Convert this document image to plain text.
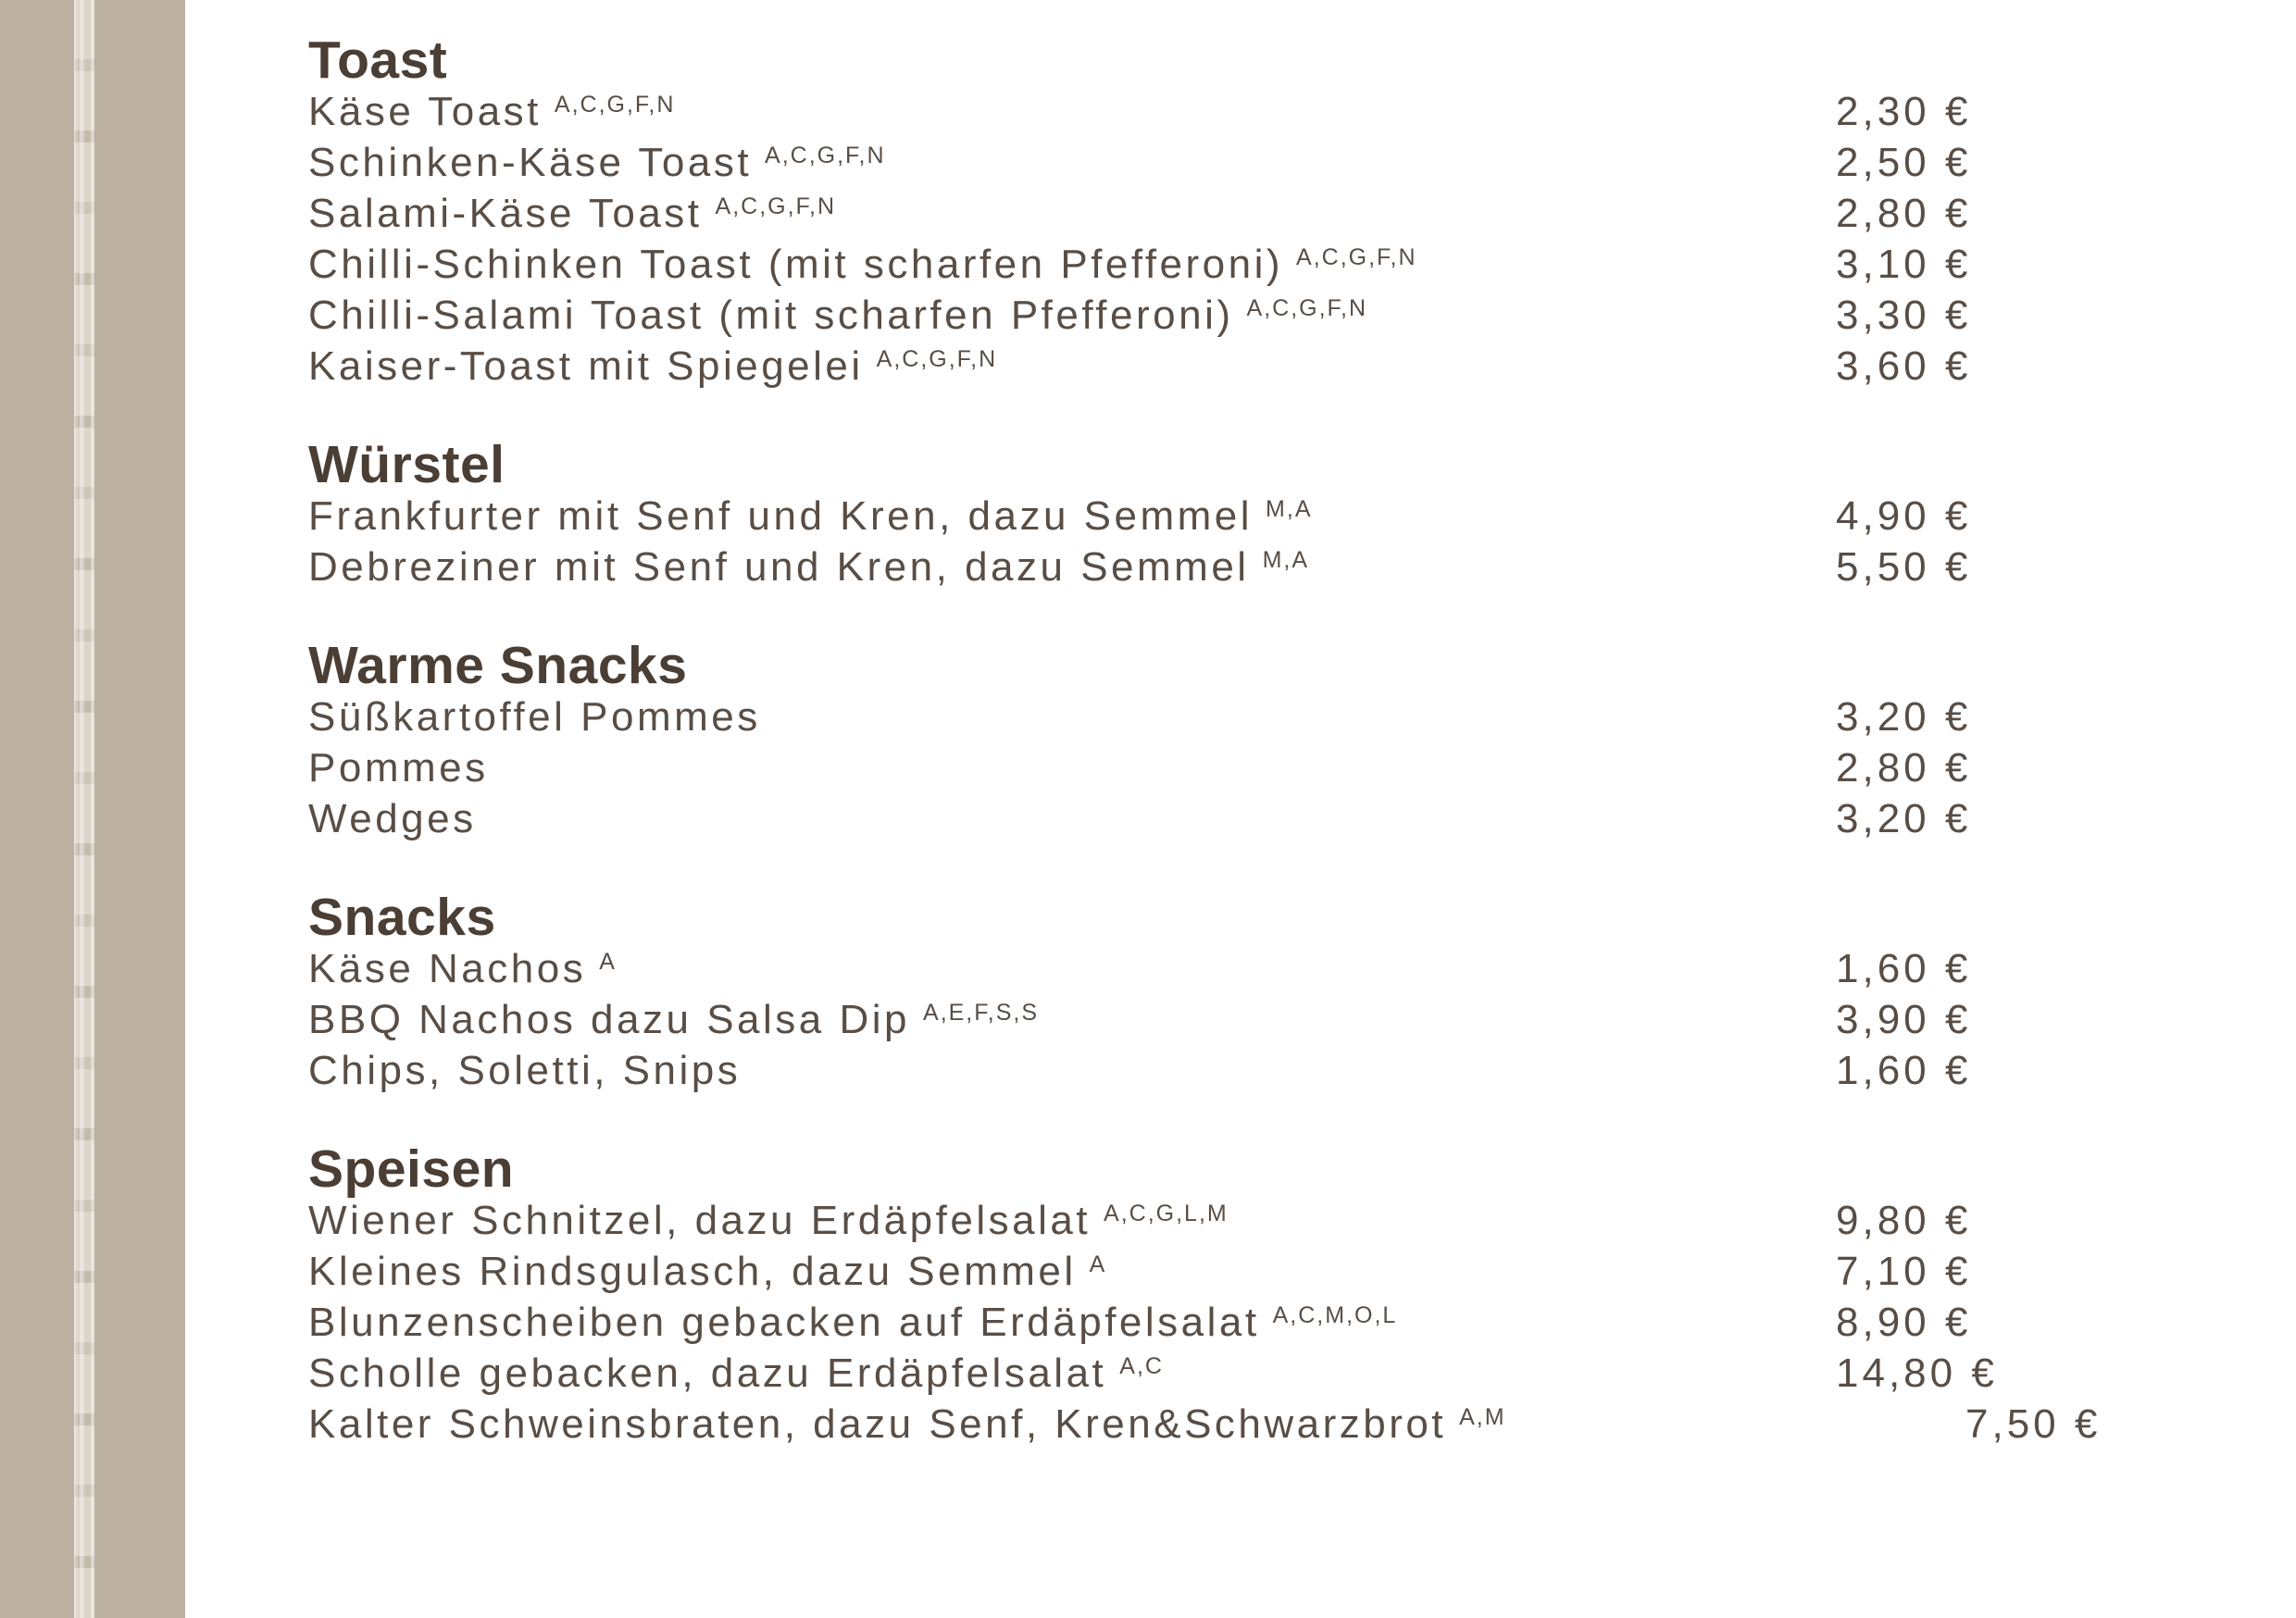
Toast
Käse Toast A,C,G,F,N	2,30 €
Schinken-Käse Toast A,C,G,F,N	2,50 €
Salami-Käse Toast A,C,G,F,N	2,80 €
Chilli-Schinken Toast (mit scharfen Pfefferoni) A,C,G,F,N	3,10 €
Chilli-Salami Toast (mit scharfen Pfefferoni) A,C,G,F,N	3,30 €
Kaiser-Toast mit Spiegelei A,C,G,F,N	3,60 €
Würstel
Frankfurter mit Senf und Kren, dazu Semmel M,A	4,90 €
Debreziner mit Senf und Kren, dazu Semmel M,A	5,50 €
Warme Snacks
Süßkartoffel Pommes	3,20 €
Pommes	2,80 €
Wedges	3,20 €
Snacks
Käse Nachos A	1,60 €
BBQ Nachos dazu Salsa Dip A,E,F,S,S	3,90 €
Chips, Soletti, Snips	1,60 €
Speisen
Wiener Schnitzel, dazu Erdäpfelsalat A,C,G,L,M	9,80 €
Kleines Rindsgulasch, dazu Semmel A	7,10 €
Blunzenscheiben gebacken auf Erdäpfelsalat A,C,M,O,L	8,90 €
Scholle gebacken, dazu Erdäpfelsalat A,C	14,80 €
Kalter Schweinsbraten, dazu Senf, Kren&Schwarzbrot A,M	7,50 €
